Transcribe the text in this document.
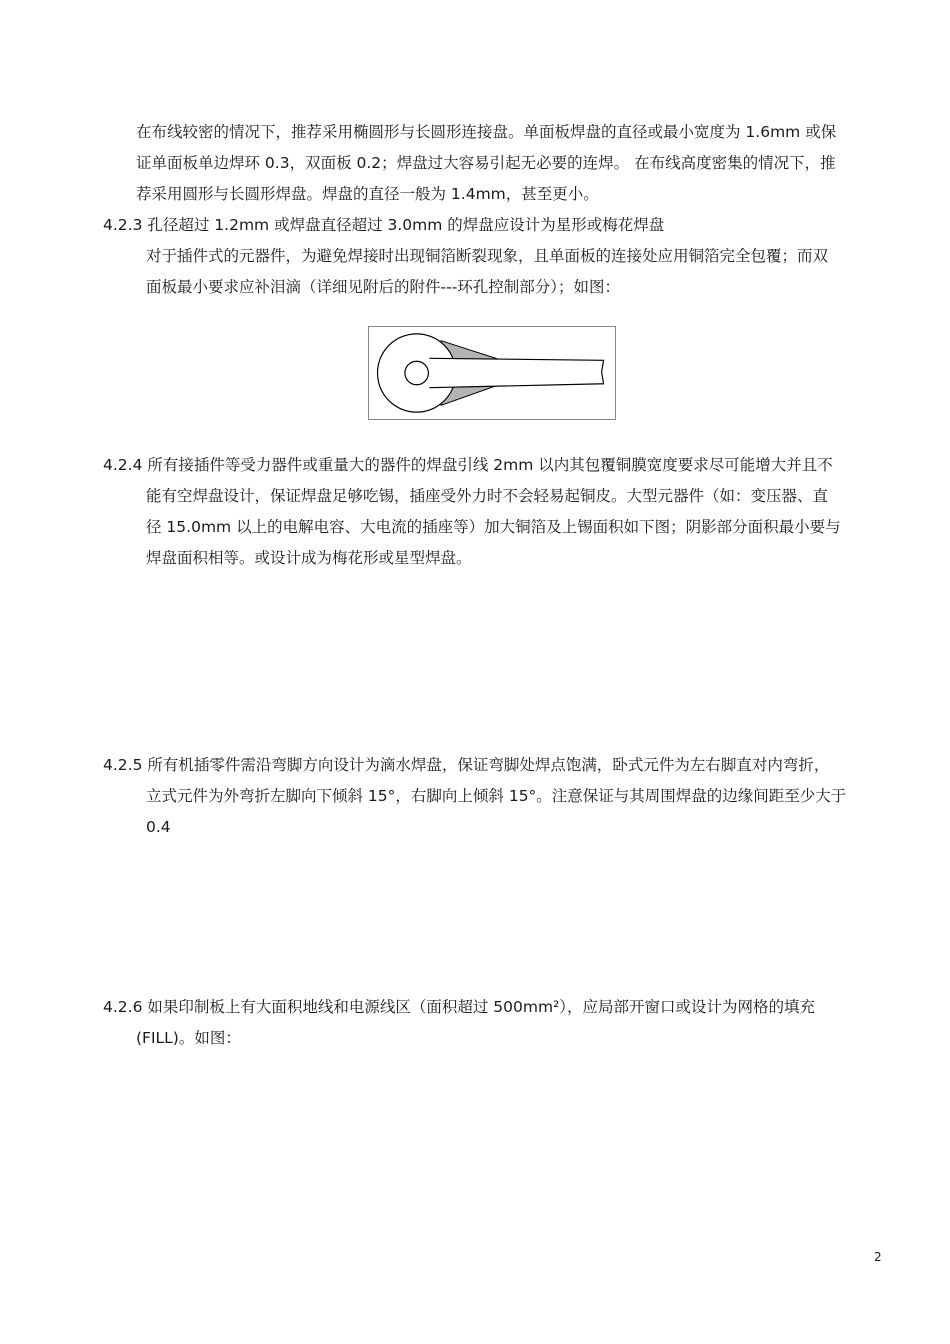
在布线较密的情况下，推荐采用椭圆形与长圆形连接盘。单面板焊盘的直径或最小宽度为 1.6mm 或保
证单面板单边焊环 0.3，双面板 0.2；焊盘过大容易引起无必要的连焊。 在布线高度密集的情况下，推
荐采用圆形与长圆形焊盘。焊盘的直径一般为 1.4mm，甚至更小。
4.2.3 孔径超过 1.2mm 或焊盘直径超过 3.0mm 的焊盘应设计为星形或梅花焊盘
对于插件式的元器件，为避免焊接时出现铜箔断裂现象，且单面板的连接处应用铜箔完全包覆；而双
面板最小要求应补泪滴（详细见附后的附件---环孔控制部分）；如图：
4.2.4 所有接插件等受力器件或重量大的器件的焊盘引线 2mm 以内其包覆铜膜宽度要求尽可能增大并且不
能有空焊盘设计，保证焊盘足够吃锡，插座受外力时不会轻易起铜皮。大型元器件（如：变压器、直
径 15.0mm 以上的电解电容、大电流的插座等）加大铜箔及上锡面积如下图；阴影部分面积最小要与
焊盘面积相等。或设计成为梅花形或星型焊盘。
4.2.5 所有机插零件需沿弯脚方向设计为滴水焊盘，保证弯脚处焊点饱满，卧式元件为左右脚直对内弯折，
立式元件为外弯折左脚向下倾斜 15°，右脚向上倾斜 15°。注意保证与其周围焊盘的边缘间距至少大于
0.4
4.2.6 如果印制板上有大面积地线和电源线区（面积超过 500mm²），应局部开窗口或设计为网格的填充
(FILL)。如图：
2
